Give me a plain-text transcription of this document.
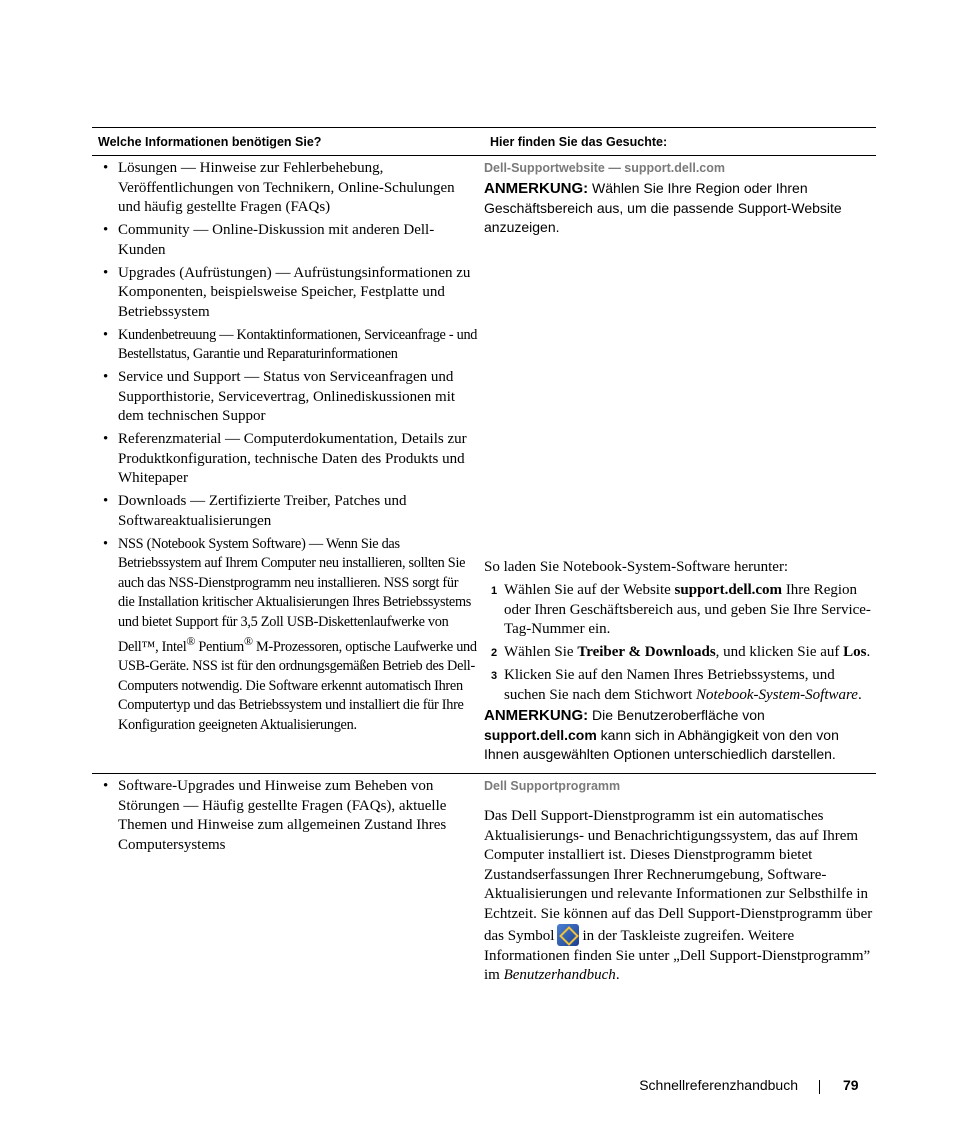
Welche Informationen benötigen Sie?	Hier finden Sie das Gesuchte:
• Lösungen — Hinweise zur Fehlerbehebung, Veröffentlichungen von Technikern, Online-Schulungen und häufig gestellte Fragen (FAQs)
• Community — Online-Diskussion mit anderen Dell-Kunden
• Upgrades (Aufrüstungen) — Aufrüstungsinformationen zu Komponenten, beispielsweise Speicher, Festplatte und Betriebssystem
• Kundenbetreuung — Kontaktinformationen, Serviceanfrage - und Bestellstatus, Garantie und Reparaturinformationen
• Service und Support — Status von Serviceanfragen und Supporthistorie, Servicevertrag, Onlinediskussionen mit dem technischen Suppor
• Referenzmaterial — Computerdokumentation, Details zur Produktkonfiguration, technische Daten des Produkts und Whitepaper
• Downloads — Zertifizierte Treiber, Patches und Softwareaktualisierungen
• NSS (Notebook System Software) — Wenn Sie das Betriebssystem auf Ihrem Computer neu installieren, sollten Sie auch das NSS-Dienstprogramm neu installieren. NSS sorgt für die Installation kritischer Aktualisierungen Ihres Betriebssystems und bietet Support für 3,5 Zoll USB-Diskettenlaufwerke von Dell™, Intel® Pentium® M-Prozessoren, optische Laufwerke und USB-Geräte. NSS ist für den ordnungsgemäßen Betrieb des Dell-Computers notwendig. Die Software erkennt automatisch Ihren Computertyp und das Betriebssystem und installiert die für Ihre Konfiguration geeigneten Aktualisierungen.
Dell-Supportwebsite — support.dell.com
ANMERKUNG: Wählen Sie Ihre Region oder Ihren Geschäftsbereich aus, um die passende Support-Website anzuzeigen.
So laden Sie Notebook-System-Software herunter:
1 Wählen Sie auf der Website support.dell.com Ihre Region oder Ihren Geschäftsbereich aus, und geben Sie Ihre Service-Tag-Nummer ein.
2 Wählen Sie Treiber & Downloads, und klicken Sie auf Los.
3 Klicken Sie auf den Namen Ihres Betriebssystems, und suchen Sie nach dem Stichwort Notebook-System-Software.
ANMERKUNG: Die Benutzeroberfläche von support.dell.com kann sich in Abhängigkeit von den von Ihnen ausgewählten Optionen unterschiedlich darstellen.
• Software-Upgrades und Hinweise zum Beheben von Störungen — Häufig gestellte Fragen (FAQs), aktuelle Themen und Hinweise zum allgemeinen Zustand Ihres Computersystems
Dell Supportprogramm
Das Dell Support-Dienstprogramm ist ein automatisches Aktualisierungs- und Benachrichtigungssystem, das auf Ihrem Computer installiert ist. Dieses Dienstprogramm bietet Zustandserfassungen Ihrer Rechnerumgebung, Software-Aktualisierungen und relevante Informationen zur Selbsthilfe in Echtzeit. Sie können auf das Dell Support-Dienstprogramm über das Symbol in der Taskleiste zugreifen. Weitere Informationen finden Sie unter „Dell Support-Dienstprogramm” im Benutzerhandbuch.
Schnellreferenzhandbuch	79
